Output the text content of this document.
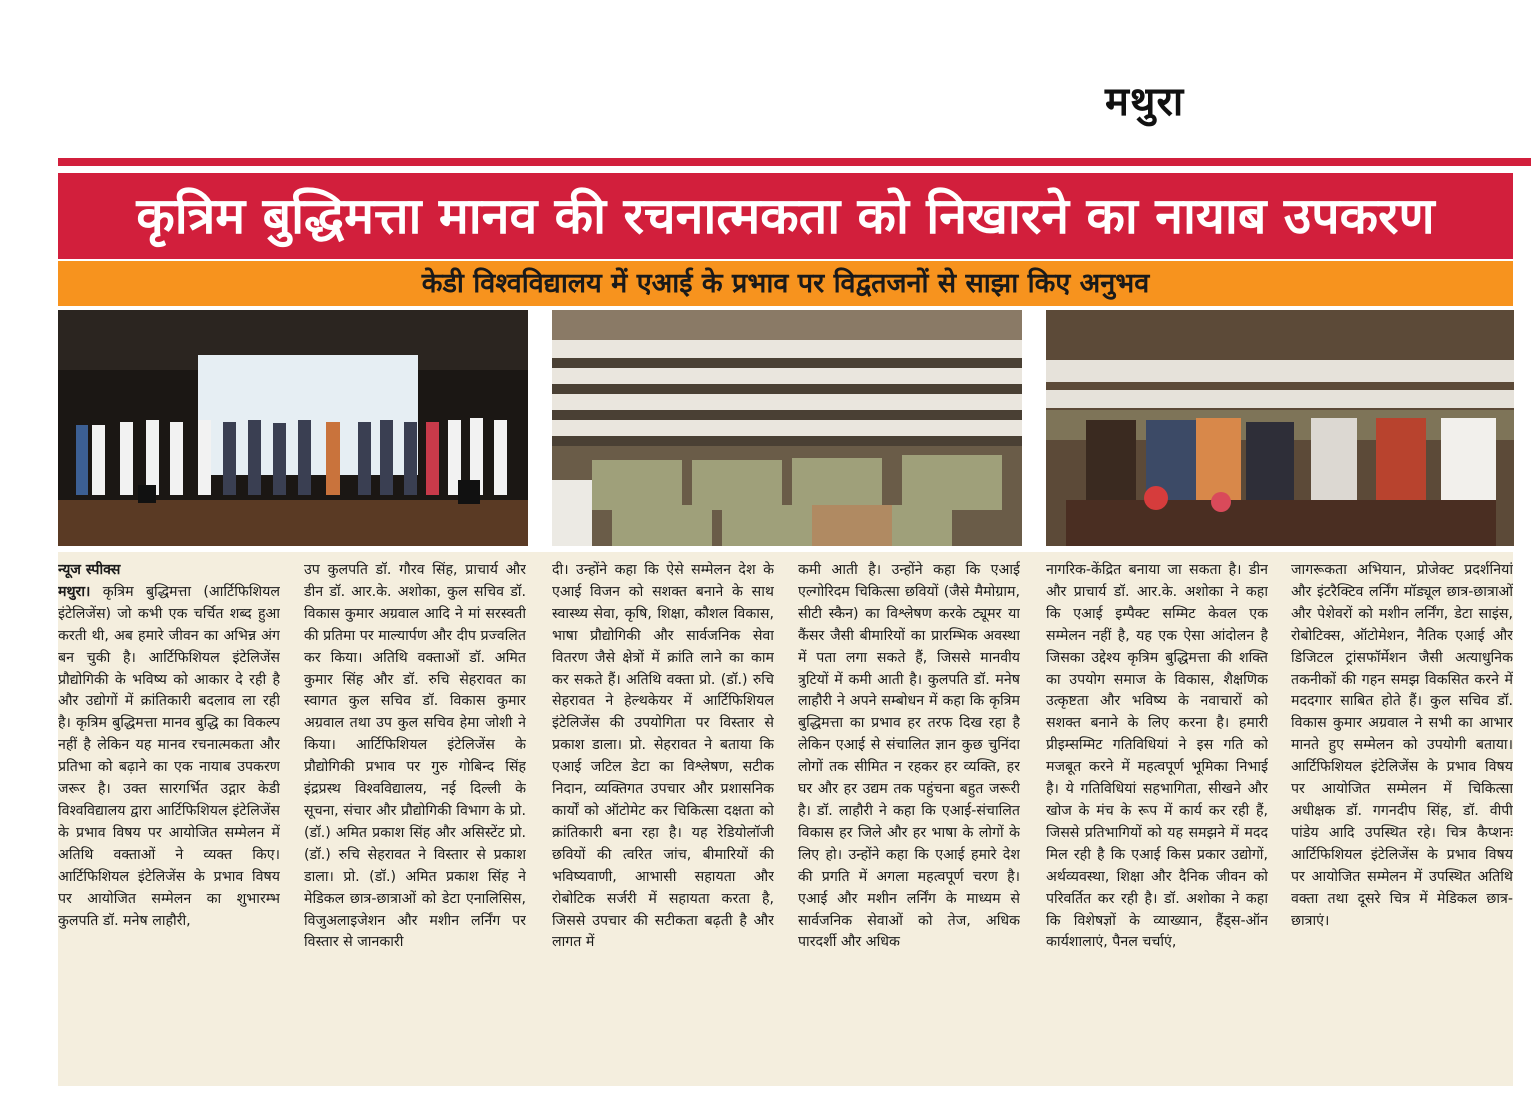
मथुरा
कृत्रिम बुद्धिमत्ता मानव की रचनात्मकता को निखारने का नायाब उपकरण
केडी विश्वविद्यालय में एआई के प्रभाव पर विद्वतजनों से साझा किए अनुभव
न्यूज स्पीक्स
मथुरा। कृत्रिम बुद्धिमत्ता (आर्टिफिशियल इंटेलिजेंस) जो कभी एक चर्चित शब्द हुआ करती थी, अब हमारे जीवन का अभिन्न अंग बन चुकी है। आर्टिफिशियल इंटेलिजेंस प्रौद्योगिकी के भविष्य को आकार दे रही है और उद्योगों में क्रांतिकारी बदलाव ला रही है। कृत्रिम बुद्धिमत्ता मानव बुद्धि का विकल्प नहीं है लेकिन यह मानव रचनात्मकता और प्रतिभा को बढ़ाने का एक नायाब उपकरण जरूर है। उक्त सारगर्भित उद्गार केडी विश्वविद्यालय द्वारा आर्टिफिशियल इंटेलिजेंस के प्रभाव विषय पर आयोजित सम्मेलन में अतिथि वक्ताओं ने व्यक्त किए। आर्टिफिशियल इंटेलिजेंस के प्रभाव विषय पर आयोजित सम्मेलन का शुभारम्भ कुलपति डॉ. मनेष लाहौरी,
उप कुलपति डॉ. गौरव सिंह, प्राचार्य और डीन डॉ. आर.के. अशोका, कुल सचिव डॉ. विकास कुमार अग्रवाल आदि ने मां सरस्वती की प्रतिमा पर माल्यार्पण और दीप प्रज्वलित कर किया। अतिथि वक्ताओं डॉ. अमित कुमार सिंह और डॉ. रुचि सेहरावत का स्वागत कुल सचिव डॉ. विकास कुमार अग्रवाल तथा उप कुल सचिव हेमा जोशी ने किया। आर्टिफिशियल इंटेलिजेंस के प्रौद्योगिकी प्रभाव पर गुरु गोबिन्द सिंह इंद्रप्रस्थ विश्वविद्यालय, नई दिल्ली के सूचना, संचार और प्रौद्योगिकी विभाग के प्रो. (डॉ.) अमित प्रकाश सिंह और असिस्टेंट प्रो. (डॉ.) रुचि सेहरावत ने विस्तार से प्रकाश डाला। प्रो. (डॉ.) अमित प्रकाश सिंह ने मेडिकल छात्र-छात्राओं को डेटा एनालिसिस, विजुअलाइजेशन और मशीन लर्निंग पर विस्तार से जानकारी
दी। उन्होंने कहा कि ऐसे सम्मेलन देश के एआई विजन को सशक्त बनाने के साथ स्वास्थ्य सेवा, कृषि, शिक्षा, कौशल विकास, भाषा प्रौद्योगिकी और सार्वजनिक सेवा वितरण जैसे क्षेत्रों में क्रांति लाने का काम कर सकते हैं। अतिथि वक्ता प्रो. (डॉ.) रुचि सेहरावत ने हेल्थकेयर में आर्टिफिशियल इंटेलिजेंस की उपयोगिता पर विस्तार से प्रकाश डाला। प्रो. सेहरावत ने बताया कि एआई जटिल डेटा का विश्लेषण, सटीक निदान, व्यक्तिगत उपचार और प्रशासनिक कार्यों को ऑटोमेट कर चिकित्सा दक्षता को क्रांतिकारी बना रहा है। यह रेडियोलॉजी छवियों की त्वरित जांच, बीमारियों की भविष्यवाणी, आभासी सहायता और रोबोटिक सर्जरी में सहायता करता है, जिससे उपचार की सटीकता बढ़ती है और लागत में
कमी आती है। उन्होंने कहा कि एआई एल्गोरिदम चिकित्सा छवियों (जैसे मैमोग्राम, सीटी स्कैन) का विश्लेषण करके ट्यूमर या कैंसर जैसी बीमारियों का प्रारम्भिक अवस्था में पता लगा सकते हैं, जिससे मानवीय त्रुटियों में कमी आती है। कुलपति डॉ. मनेष लाहौरी ने अपने सम्बोधन में कहा कि कृत्रिम बुद्धिमत्ता का प्रभाव हर तरफ दिख रहा है लेकिन एआई से संचालित ज्ञान कुछ चुनिंदा लोगों तक सीमित न रहकर हर व्यक्ति, हर घर और हर उद्यम तक पहुंचना बहुत जरूरी है। डॉ. लाहौरी ने कहा कि एआई-संचालित विकास हर जिले और हर भाषा के लोगों के लिए हो। उन्होंने कहा कि एआई हमारे देश की प्रगति में अगला महत्वपूर्ण चरण है। एआई और मशीन लर्निंग के माध्यम से सार्वजनिक सेवाओं को तेज, अधिक पारदर्शी और अधिक
नागरिक-केंद्रित बनाया जा सकता है। डीन और प्राचार्य डॉ. आर.के. अशोका ने कहा कि एआई इम्पैक्ट सम्मिट केवल एक सम्मेलन नहीं है, यह एक ऐसा आंदोलन है जिसका उद्देश्य कृत्रिम बुद्धिमत्ता की शक्ति का उपयोग समाज के विकास, शैक्षणिक उत्कृष्टता और भविष्य के नवाचारों को सशक्त बनाने के लिए करना है। हमारी प्रीइम्सम्मिट गतिविधियां ने इस गति को मजबूत करने में महत्वपूर्ण भूमिका निभाई है। ये गतिविधियां सहभागिता, सीखने और खोज के मंच के रूप में कार्य कर रही हैं, जिससे प्रतिभागियों को यह समझने में मदद मिल रही है कि एआई किस प्रकार उद्योगों, अर्थव्यवस्था, शिक्षा और दैनिक जीवन को परिवर्तित कर रही है। डॉ. अशोका ने कहा कि विशेषज्ञों के व्याख्यान, हैंड्स-ऑन कार्यशालाएं, पैनल चर्चाएं,
जागरूकता अभियान, प्रोजेक्ट प्रदर्शनियां और इंटरैक्टिव लर्निंग मॉड्यूल छात्र-छात्राओं और पेशेवरों को मशीन लर्निंग, डेटा साइंस, रोबोटिक्स, ऑटोमेशन, नैतिक एआई और डिजिटल ट्रांसफॉर्मेशन जैसी अत्याधुनिक तकनीकों की गहन समझ विकसित करने में मददगार साबित होते हैं। कुल सचिव डॉ. विकास कुमार अग्रवाल ने सभी का आभार मानते हुए सम्मेलन को उपयोगी बताया। आर्टिफिशियल इंटेलिजेंस के प्रभाव विषय पर आयोजित सम्मेलन में चिकित्सा अधीक्षक डॉ. गगनदीप सिंह, डॉ. वीपी पांडेय आदि उपस्थित रहे। चित्र कैप्शनः आर्टिफिशियल इंटेलिजेंस के प्रभाव विषय पर आयोजित सम्मेलन में उपस्थित अतिथि वक्ता तथा दूसरे चित्र में मेडिकल छात्र-छात्राएं।
